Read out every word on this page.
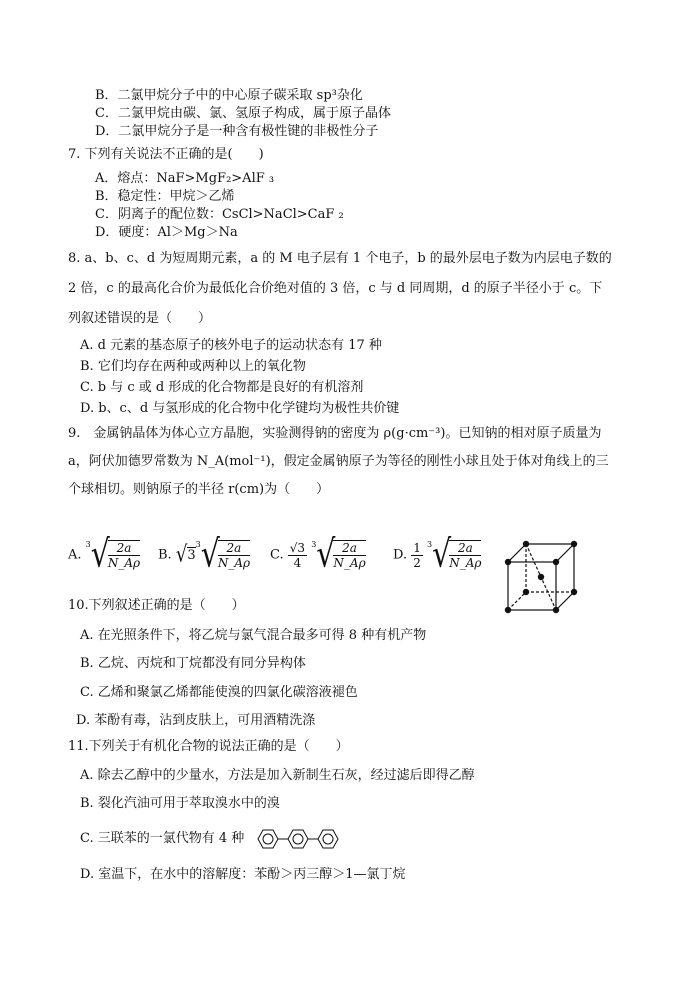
B．二氯甲烷分子中的中心原子碳采取 sp³杂化
C．二氯甲烷由碳、氯、氢原子构成，属于原子晶体
D．二氯甲烷分子是一种含有极性键的非极性分子
7. 下列有关说法不正确的是(　　)
A．熔点：NaF>MgF₂>AlF ₃
B．稳定性：甲烷＞乙烯
C．阴离子的配位数：CsCl>NaCl>CaF ₂
D．硬度：Al＞Mg＞Na
8. a、b、c、d 为短周期元素，a 的 M 电子层有 1 个电子，b 的最外层电子数为内层电子数的
2 倍，c 的最高化合价为最低化合价绝对值的 3 倍，c 与 d 同周期，d 的原子半径小于 c。下
列叙述错误的是（　　）
A. d 元素的基态原子的核外电子的运动状态有 17 种
B. 它们均存在两种或两种以上的氧化物
C. b 与 c 或 d 形成的化合物都是良好的有机溶剂
D. b、c、d 与氢形成的化合物中化学键均为极性共价键
9.　金属钠晶体为体心立方晶胞，实验测得钠的密度为 ρ(g·cm⁻³)。已知钠的相对原子质量为
a，阿伏加德罗常数为 N_A(mol⁻¹)，假定金属钠原子为等径的刚性小球且处于体对角线上的三
个球相切。则钠原子的半径 r(cm)为（　　）
A. $^3$√
$\frac{2a}{N\_A\rho} B$. $√3^3√$
$\frac{2a}{N\_A\rho} C$. $\frac{√3}{4} ^3√$
$\frac{2a}{N\_A\rho} D$. $\frac{1}{2} ^3√$
$\frac{2a}{N\_A\rho}$
10.下列叙述正确的是（　　）
A. 在光照条件下，将乙烷与氯气混合最多可得 8 种有机产物
B. 乙烷、丙烷和丁烷都没有同分异构体
C. 乙烯和聚氯乙烯都能使溴的四氯化碳溶液褪色
D. 苯酚有毒，沾到皮肤上，可用酒精洗涤
11.下列关于有机化合物的说法正确的是（　　）
A. 除去乙醇中的少量水，方法是加入新制生石灰，经过滤后即得乙醇
B. 裂化汽油可用于萃取溴水中的溴
C. 三联苯的一氯代物有 4 种
D. 室温下，在水中的溶解度：苯酚＞丙三醇＞1—氯丁烷
